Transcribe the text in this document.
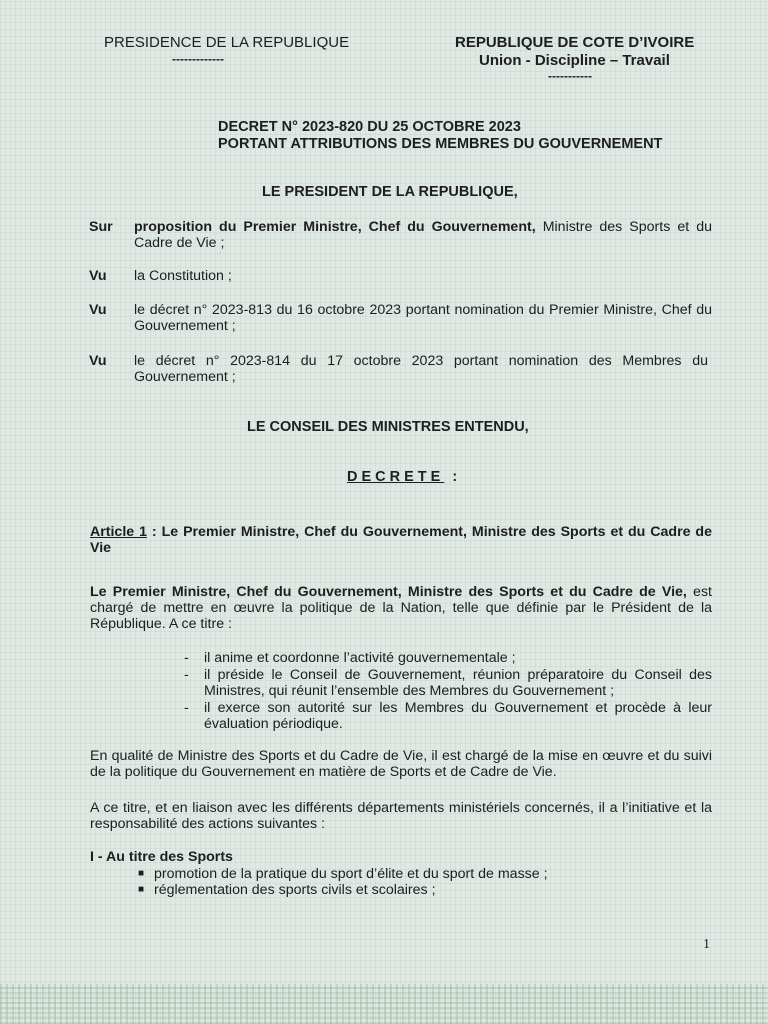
PRESIDENCE DE LA REPUBLIQUE
-------------
REPUBLIQUE DE COTE D’IVOIRE
Union - Discipline – Travail
-----------
DECRET N° 2023-820 DU 25 OCTOBRE 2023
PORTANT ATTRIBUTIONS DES MEMBRES DU GOUVERNEMENT
LE PRESIDENT DE LA REPUBLIQUE,
Sur proposition du Premier Ministre, Chef du Gouvernement, Ministre des Sports et du Cadre de Vie ;
Vu la Constitution ;
Vu le décret n° 2023-813 du 16 octobre 2023 portant nomination du Premier Ministre, Chef du Gouvernement ;
Vu le décret n° 2023-814 du 17 octobre 2023 portant nomination des Membres du Gouvernement ;
LE CONSEIL DES MINISTRES ENTENDU,
DECRETE :
Article 1 : Le Premier Ministre, Chef du Gouvernement, Ministre des Sports et du Cadre de Vie
Le Premier Ministre, Chef du Gouvernement, Ministre des Sports et du Cadre de Vie, est chargé de mettre en œuvre la politique de la Nation, telle que définie par le Président de la République. A ce titre :
- il anime et coordonne l’activité gouvernementale ;
- il préside le Conseil de Gouvernement, réunion préparatoire du Conseil des Ministres, qui réunit l’ensemble des Membres du Gouvernement ;
- il exerce son autorité sur les Membres du Gouvernement et procède à leur évaluation périodique.
En qualité de Ministre des Sports et du Cadre de Vie, il est chargé de la mise en œuvre et du suivi de la politique du Gouvernement en matière de Sports et de Cadre de Vie.
A ce titre, et en liaison avec les différents départements ministériels concernés, il a l’initiative et la responsabilité des actions suivantes :
I - Au titre des Sports
■ promotion de la pratique du sport d’élite et du sport de masse ;
■ réglementation des sports civils et scolaires ;
1
